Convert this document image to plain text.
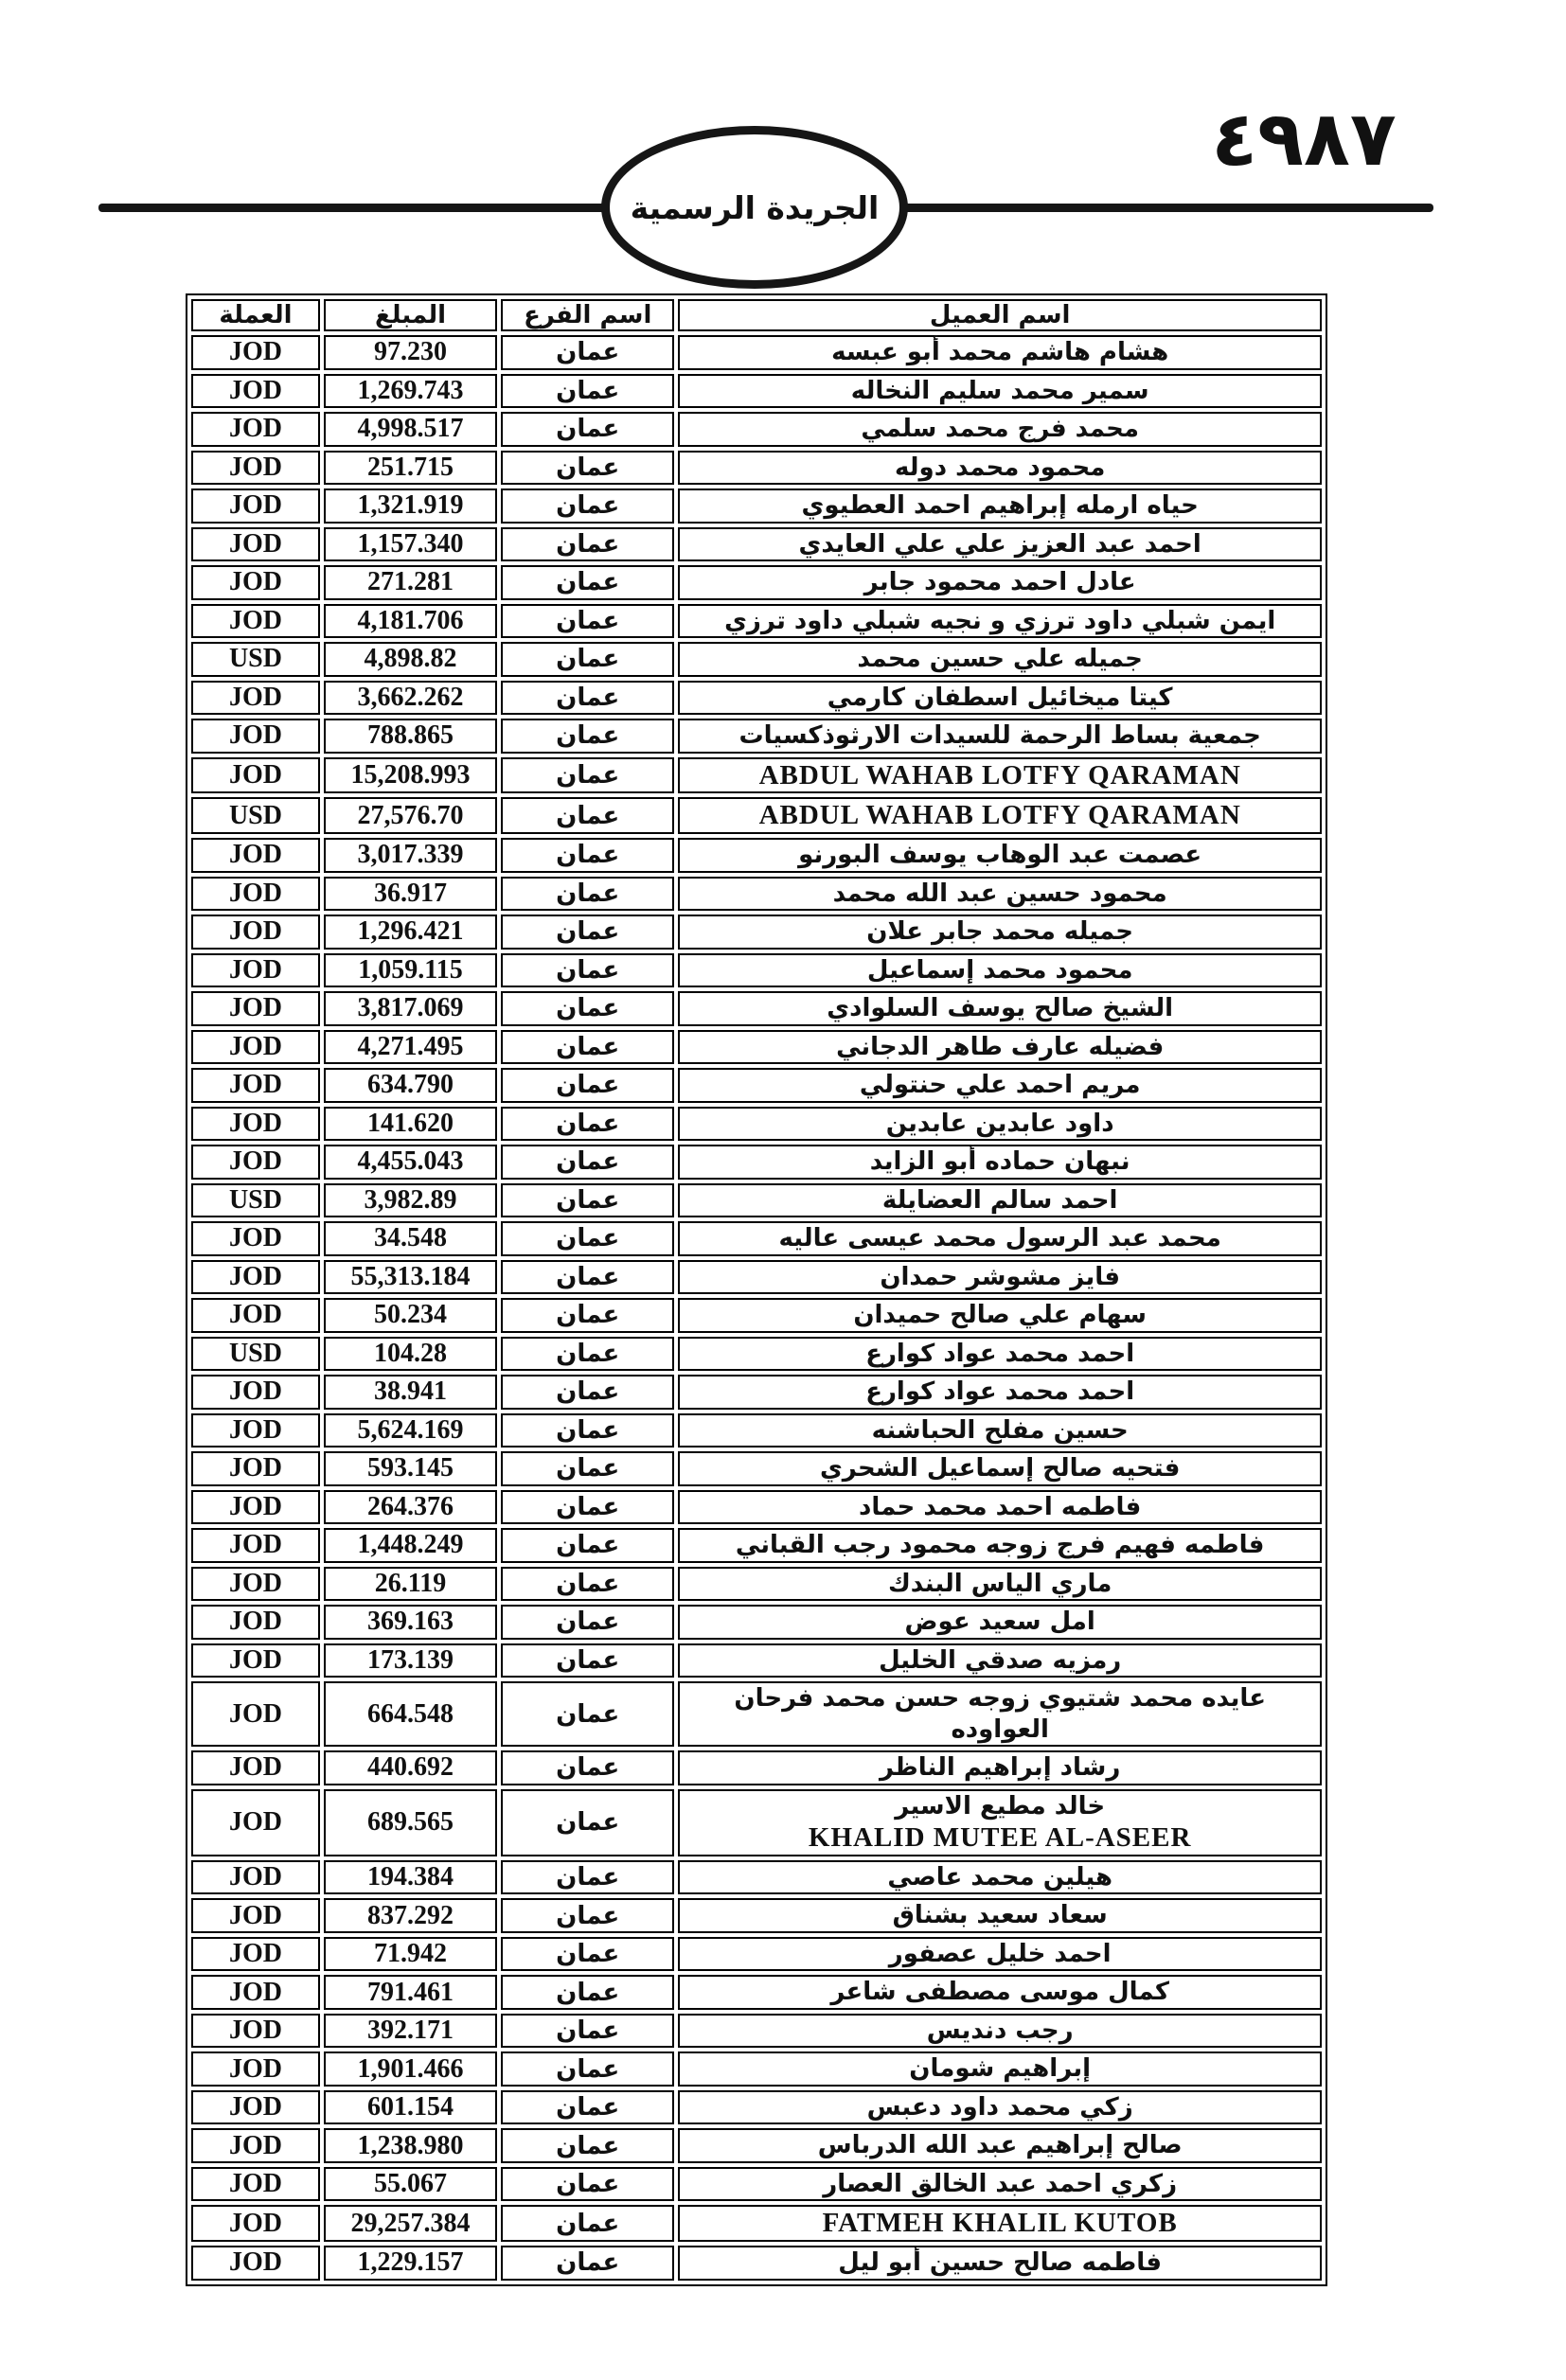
الجريدة الرسمية
٤٩٨٧
اسم العميل	اسم الفرع	المبلغ	العملة

هشام هاشم محمد أبو عبسه	عمان	97.230	JOD

سمير محمد سليم النخاله	عمان	1,269.743	JOD

محمد فرج محمد سلمي	عمان	4,998.517	JOD

محمود محمد دوله	عمان	251.715	JOD

حياه ارمله إبراهيم احمد العطيوي	عمان	1,321.919	JOD

احمد عبد العزيز علي علي العايدي	عمان	1,157.340	JOD

عادل احمد محمود جابر	عمان	271.281	JOD

ايمن شبلي داود ترزي و نجيه شبلي داود ترزي	عمان	4,181.706	JOD

جميله علي حسين محمد	عمان	4,898.82	USD

كيتا ميخائيل اسطفان كارمي	عمان	3,662.262	JOD

جمعية بساط الرحمة للسيدات الارثوذكسيات	عمان	788.865	JOD

ABDUL WAHAB LOTFY QARAMAN	عمان	15,208.993	JOD

ABDUL WAHAB LOTFY QARAMAN	عمان	27,576.70	USD

عصمت عبد الوهاب يوسف البورنو	عمان	3,017.339	JOD

محمود حسين عبد الله محمد	عمان	36.917	JOD

جميله محمد جابر علان	عمان	1,296.421	JOD

محمود محمد إسماعيل	عمان	1,059.115	JOD

الشيخ صالح يوسف السلوادي	عمان	3,817.069	JOD

فضيله عارف طاهر الدجاني	عمان	4,271.495	JOD

مريم احمد علي حنتولي	عمان	634.790	JOD

داود عابدين عابدين	عمان	141.620	JOD

نبهان حماده أبو الزايد	عمان	4,455.043	JOD

احمد سالم العضايلة	عمان	3,982.89	USD

محمد عبد الرسول محمد عيسى عاليه	عمان	34.548	JOD

فايز مشوشر حمدان	عمان	55,313.184	JOD

سهام علي صالح حميدان	عمان	50.234	JOD

احمد محمد عواد كوارع	عمان	104.28	USD

احمد محمد عواد كوارع	عمان	38.941	JOD

حسين مفلح الحباشنه	عمان	5,624.169	JOD

فتحيه صالح إسماعيل الشحري	عمان	593.145	JOD

فاطمه احمد محمد حماد	عمان	264.376	JOD

فاطمه فهيم فرج زوجه محمود رجب القباني	عمان	1,448.249	JOD

ماري الياس البندك	عمان	26.119	JOD

امل سعيد عوض	عمان	369.163	JOD

رمزيه صدقي الخليل	عمان	173.139	JOD

عايده محمد شتيوي زوجه حسن محمد فرحان العواوده	عمان	664.548	JOD

رشاد إبراهيم الناظر	عمان	440.692	JOD

خالد مطيع الاسير
KHALID MUTEE AL-ASEER	عمان	689.565	JOD

هيلين محمد عاصي	عمان	194.384	JOD

سعاد سعيد بشناق	عمان	837.292	JOD

احمد خليل عصفور	عمان	71.942	JOD

كمال موسى مصطفى شاعر	عمان	791.461	JOD

رجب دنديس	عمان	392.171	JOD

إبراهيم شومان	عمان	1,901.466	JOD

زكي محمد داود دعبس	عمان	601.154	JOD

صالح إبراهيم عبد الله الدرباس	عمان	1,238.980	JOD

زكري احمد عبد الخالق العصار	عمان	55.067	JOD

FATMEH KHALIL KUTOB	عمان	29,257.384	JOD

فاطمه صالح حسين أبو ليل	عمان	1,229.157	JOD
